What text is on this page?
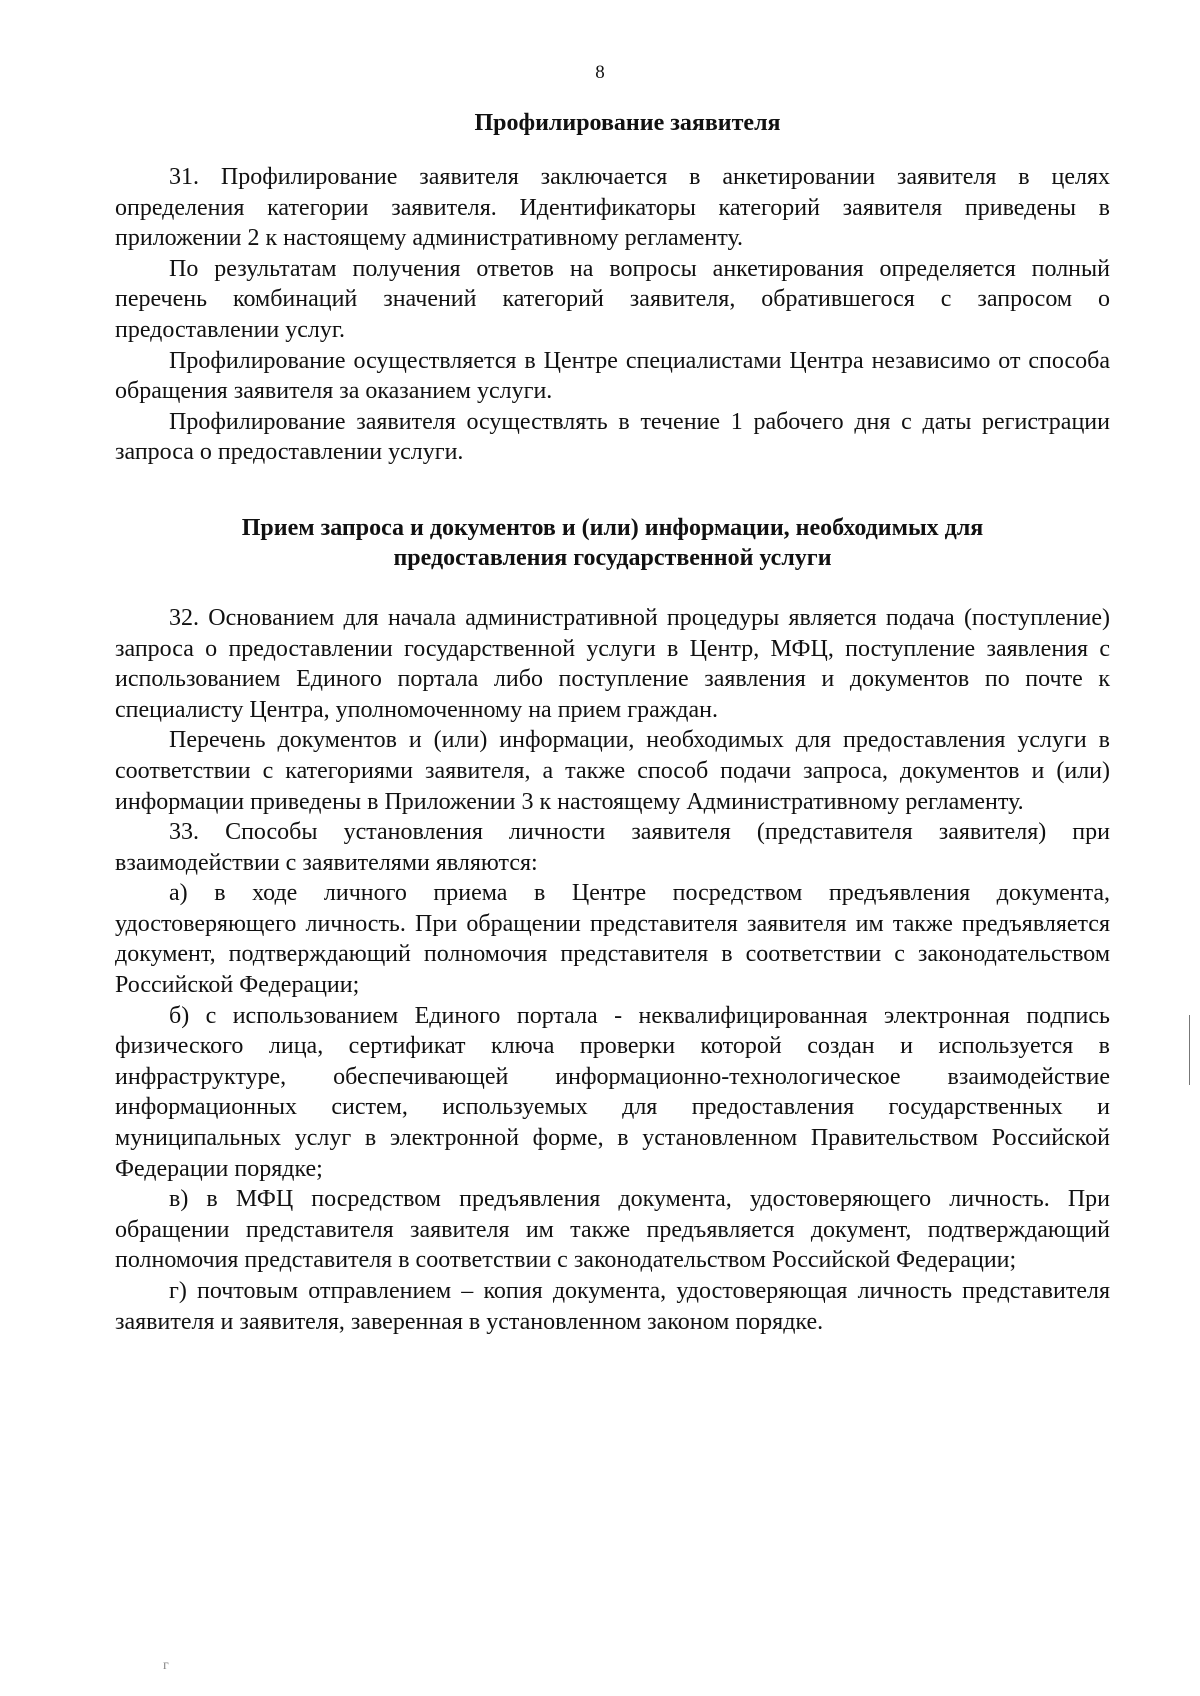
8
Профилирование заявителя

31. Профилирование заявителя заключается в анкетировании заявителя в целях определения категории заявителя. Идентификаторы категорий заявителя приведены в приложении 2 к настоящему административному регламенту.

По результатам получения ответов на вопросы анкетирования определяется полный перечень комбинаций значений категорий заявителя, обратившегося с запросом о предоставлении услуг.

Профилирование осуществляется в Центре специалистами Центра независимо от способа обращения заявителя за оказанием услуги.

Профилирование заявителя осуществлять в течение 1 рабочего дня с даты регистрации запроса о предоставлении услуги.

Прием запроса и документов и (или) информации, необходимых для
предоставления государственной услуги

32. Основанием для начала административной процедуры является подача (поступление) запроса о предоставлении государственной услуги в Центр, МФЦ, поступление заявления с использованием Единого портала либо поступление заявления и документов по почте к специалисту Центра, уполномоченному на прием граждан.

Перечень документов и (или) информации, необходимых для предоставления услуги в соответствии с категориями заявителя, а также способ подачи запроса, документов и (или) информации приведены в Приложении 3 к настоящему Административному регламенту.

33. Способы установления личности заявителя (представителя заявителя) при взаимодействии с заявителями являются:

а) в ходе личного приема в Центре посредством предъявления документа, удостоверяющего личность. При обращении представителя заявителя им также предъявляется документ, подтверждающий полномочия представителя в соответствии с законодательством Российской Федерации;

б) с использованием Единого портала - неквалифицированная электронная подпись физического лица, сертификат ключа проверки которой создан и используется в инфраструктуре, обеспечивающей информационно-технологическое взаимодействие информационных систем, используемых для предоставления государственных и муниципальных услуг в электронной форме, в установленном Правительством Российской Федерации порядке;

в) в МФЦ посредством предъявления документа, удостоверяющего личность. При обращении представителя заявителя им также предъявляется документ, подтверждающий полномочия представителя в соответствии с законодательством Российской Федерации;

г) почтовым отправлением – копия документа, удостоверяющая личность представителя заявителя и заявителя, заверенная в установленном законом порядке.

г
